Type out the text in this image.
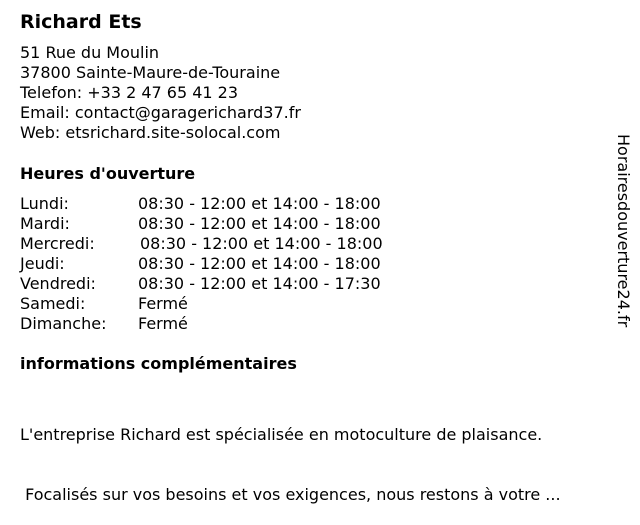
Richard Ets
51 Rue du Moulin
37800 Sainte-Maure-de-Touraine
Telefon: +33 2 47 65 41 23
Email: contact@garagerichard37.fr
Web: etsrichard.site-solocal.com
Heures d'ouverture
Lundi:	08:30 - 12:00 et 14:00 - 18:00
Mardi:	08:30 - 12:00 et 14:00 - 18:00
Mercredi:	08:30 - 12:00 et 14:00 - 18:00
Jeudi:	08:30 - 12:00 et 14:00 - 18:00
Vendredi:	08:30 - 12:00 et 14:00 - 17:30
Samedi:	Fermé
Dimanche: Fermé
informations complémentaires

L'entreprise Richard est spécialisée en motoculture de plaisance.

Focalisés sur vos besoins et vos exigences, nous restons à votre ...

Horairesdouverture24.fr
